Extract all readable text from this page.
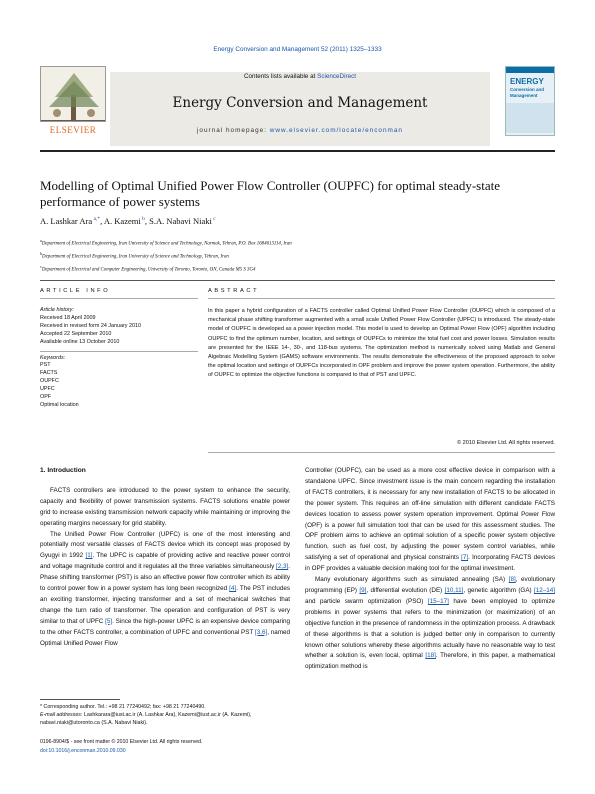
Energy Conversion and Management 52 (2011) 1325–1333
ELSEVIER
Contents lists available at ScienceDirect
Energy Conversion and Management
journal homepage: www.elsevier.com/locate/enconman
ENERGY
Conversion and
Management
Modelling of Optimal Unified Power Flow Controller (OUPFC) for optimal steady-state performance of power systems
A. Lashkar Ara $^{a,*}$, A. Kazemi $^b$, S.A. Nabavi Niaki $^c$
$^a$Department of Electrical Engineering, Iran University of Science and Technology, Narmak, Tehran, P.O. Box 1684613114, Iran
$^b$Department of Electrical Engineering, Iran University of Science and Technology, Tehran, Iran
$^c$Department of Electrical and Computer Engineering, University of Toronto, Toronto, ON, Canada M5 S 3G4
ARTICLE INFO	ABSTRACT
Article history:
Received 18 April 2009
Received in revised form 24 January 2010
Accepted 22 September 2010
Available online 13 October 2010
Keywords:
PST
FACTS
OUPFC
UPFC
OPF
Optimal location
In this paper a hybrid configuration of a FACTS controller called Optimal Unified Power Flow Controller (OUPFC) which is composed of a mechanical phase shifting transformer augmented with a small scale Unified Power Flow Controller (UPFC) is introduced. The steady-state model of OUPFC is developed as a power injection model. This model is used to develop an Optimal Power Flow (OPF) algorithm including OUPFC to find the optimum number, location, and settings of OUPFCs to minimize the total fuel cost and power losses. Simulation results are presented for the IEEE 14-, 30-, and 118-bus systems. The optimization method is numerically solved using Matlab and General Algebraic Modelling System (GAMS) software environments. The results demonstrate the effectiveness of the proposed approach to solve the optimal location and settings of OUPFCs incorporated in OPF problem and improve the power system operation. Furthermore, the ability of OUPFC to optimize the objective functions is compared to that of PST and UPFC.
© 2010 Elsevier Ltd. All rights reserved.

1. Introduction

FACTS controllers are introduced to the power system to enhance the security, capacity and flexibility of power transmission systems. FACTS solutions enable power grid to increase existing transmission network capacity while maintaining or improving the operating margins necessary for grid stability.

The Unified Power Flow Controller (UPFC) is one of the most interesting and potentially most versatile classes of FACTS device which its concept was proposed by Gyugyi in 1992 [1]. The UPFC is capable of providing active and reactive power control and voltage magnitude control and it regulates all the three variables simultaneously [2,3]. Phase shifting transformer (PST) is also an effective power flow controller which its ability to control power flow in a power system has long been recognized [4]. The PST includes an exciting transformer, injecting transformer and a set of mechanical switches that change the turn ratio of transformer. The operation and configuration of PST is very similar to that of UPFC [5]. Since the high-power UPFC is an expensive device comparing to the other FACTS controller, a combination of UPFC and conventional PST [3,6], named Optimal Unified Power Flow

Controller (OUPFC), can be used as a more cost effective device in comparison with a standalone UPFC. Since investment issue is the main concern regarding the installation of FACTS controllers, it is necessary for any new installation of FACTS to be allocated in the power system. This requires an off-line simulation with different candidate FACTS devices location to assess power system operation improvement. Optimal Power Flow (OPF) is a power full simulation tool that can be used for this assessment studies. The OPF problem aims to achieve an optimal solution of a specific power system objective function, such as fuel cost, by adjusting the power system control variables, while satisfying a set of operational and physical constraints [7]. Incorporating FACTS devices in OPF provides a valuable decision making tool for the optimal investment.

Many evolutionary algorithms such as simulated annealing (SA) [8], evolutionary programming (EP) [9], differential evolution (DE) [10,11], genetic algorithm (GA) [12–14] and particle swarm optimization (PSO) [15–17] have been employed to optimize problems in power systems that refers to the minimization (or maximization) of an objective function in the presence of randomness in the optimization process. A drawback of these algorithms is that a solution is judged better only in comparison to currently known other solutions whereby these algorithms actually have no reasonable way to test whether a solution is, even local, optimal [18]. Therefore, in this paper, a mathematical optimization method is

* Corresponding author. Tel.: +98 21 77240492; fax: +98 21 77240490.
E-mail addresses: Lashkarara@iust.ac.ir (A. Lashkar Ara), Kazemi@iust.ac.ir (A. Kazemi), nabavi.niaki@utoronto.ca (S.A. Nabavi Niaki).
0196-8904/$ - see front matter © 2010 Elsevier Ltd. All rights reserved.
doi:10.1016/j.enconman.2010.09.030
